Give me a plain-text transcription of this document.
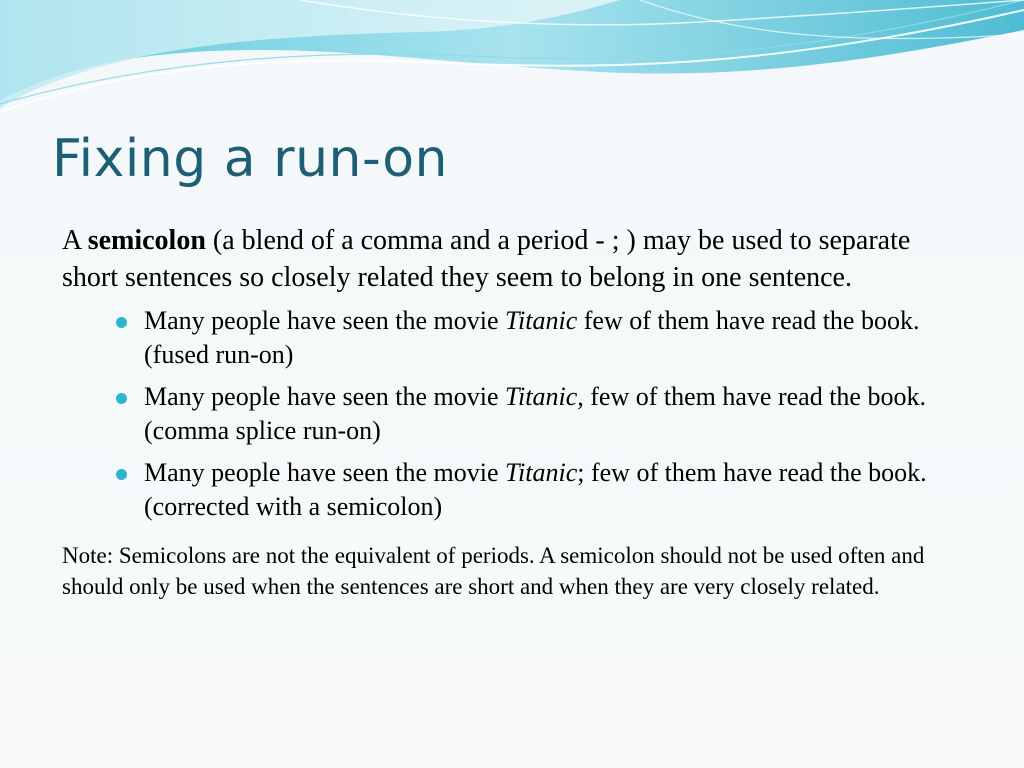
Fixing a run-on

A semicolon (a blend of a comma and a period - ; ) may be used to separate short sentences so closely related they seem to belong in one sentence.

Many people have seen the movie Titanic few of them have read the book. (fused run-on)
Many people have seen the movie Titanic, few of them have read the book. (comma splice run-on)
Many people have seen the movie Titanic; few of them have read the book. (corrected with a semicolon)

Note: Semicolons are not the equivalent of periods. A semicolon should not be used often and should only be used when the sentences are short and when they are very closely related.
